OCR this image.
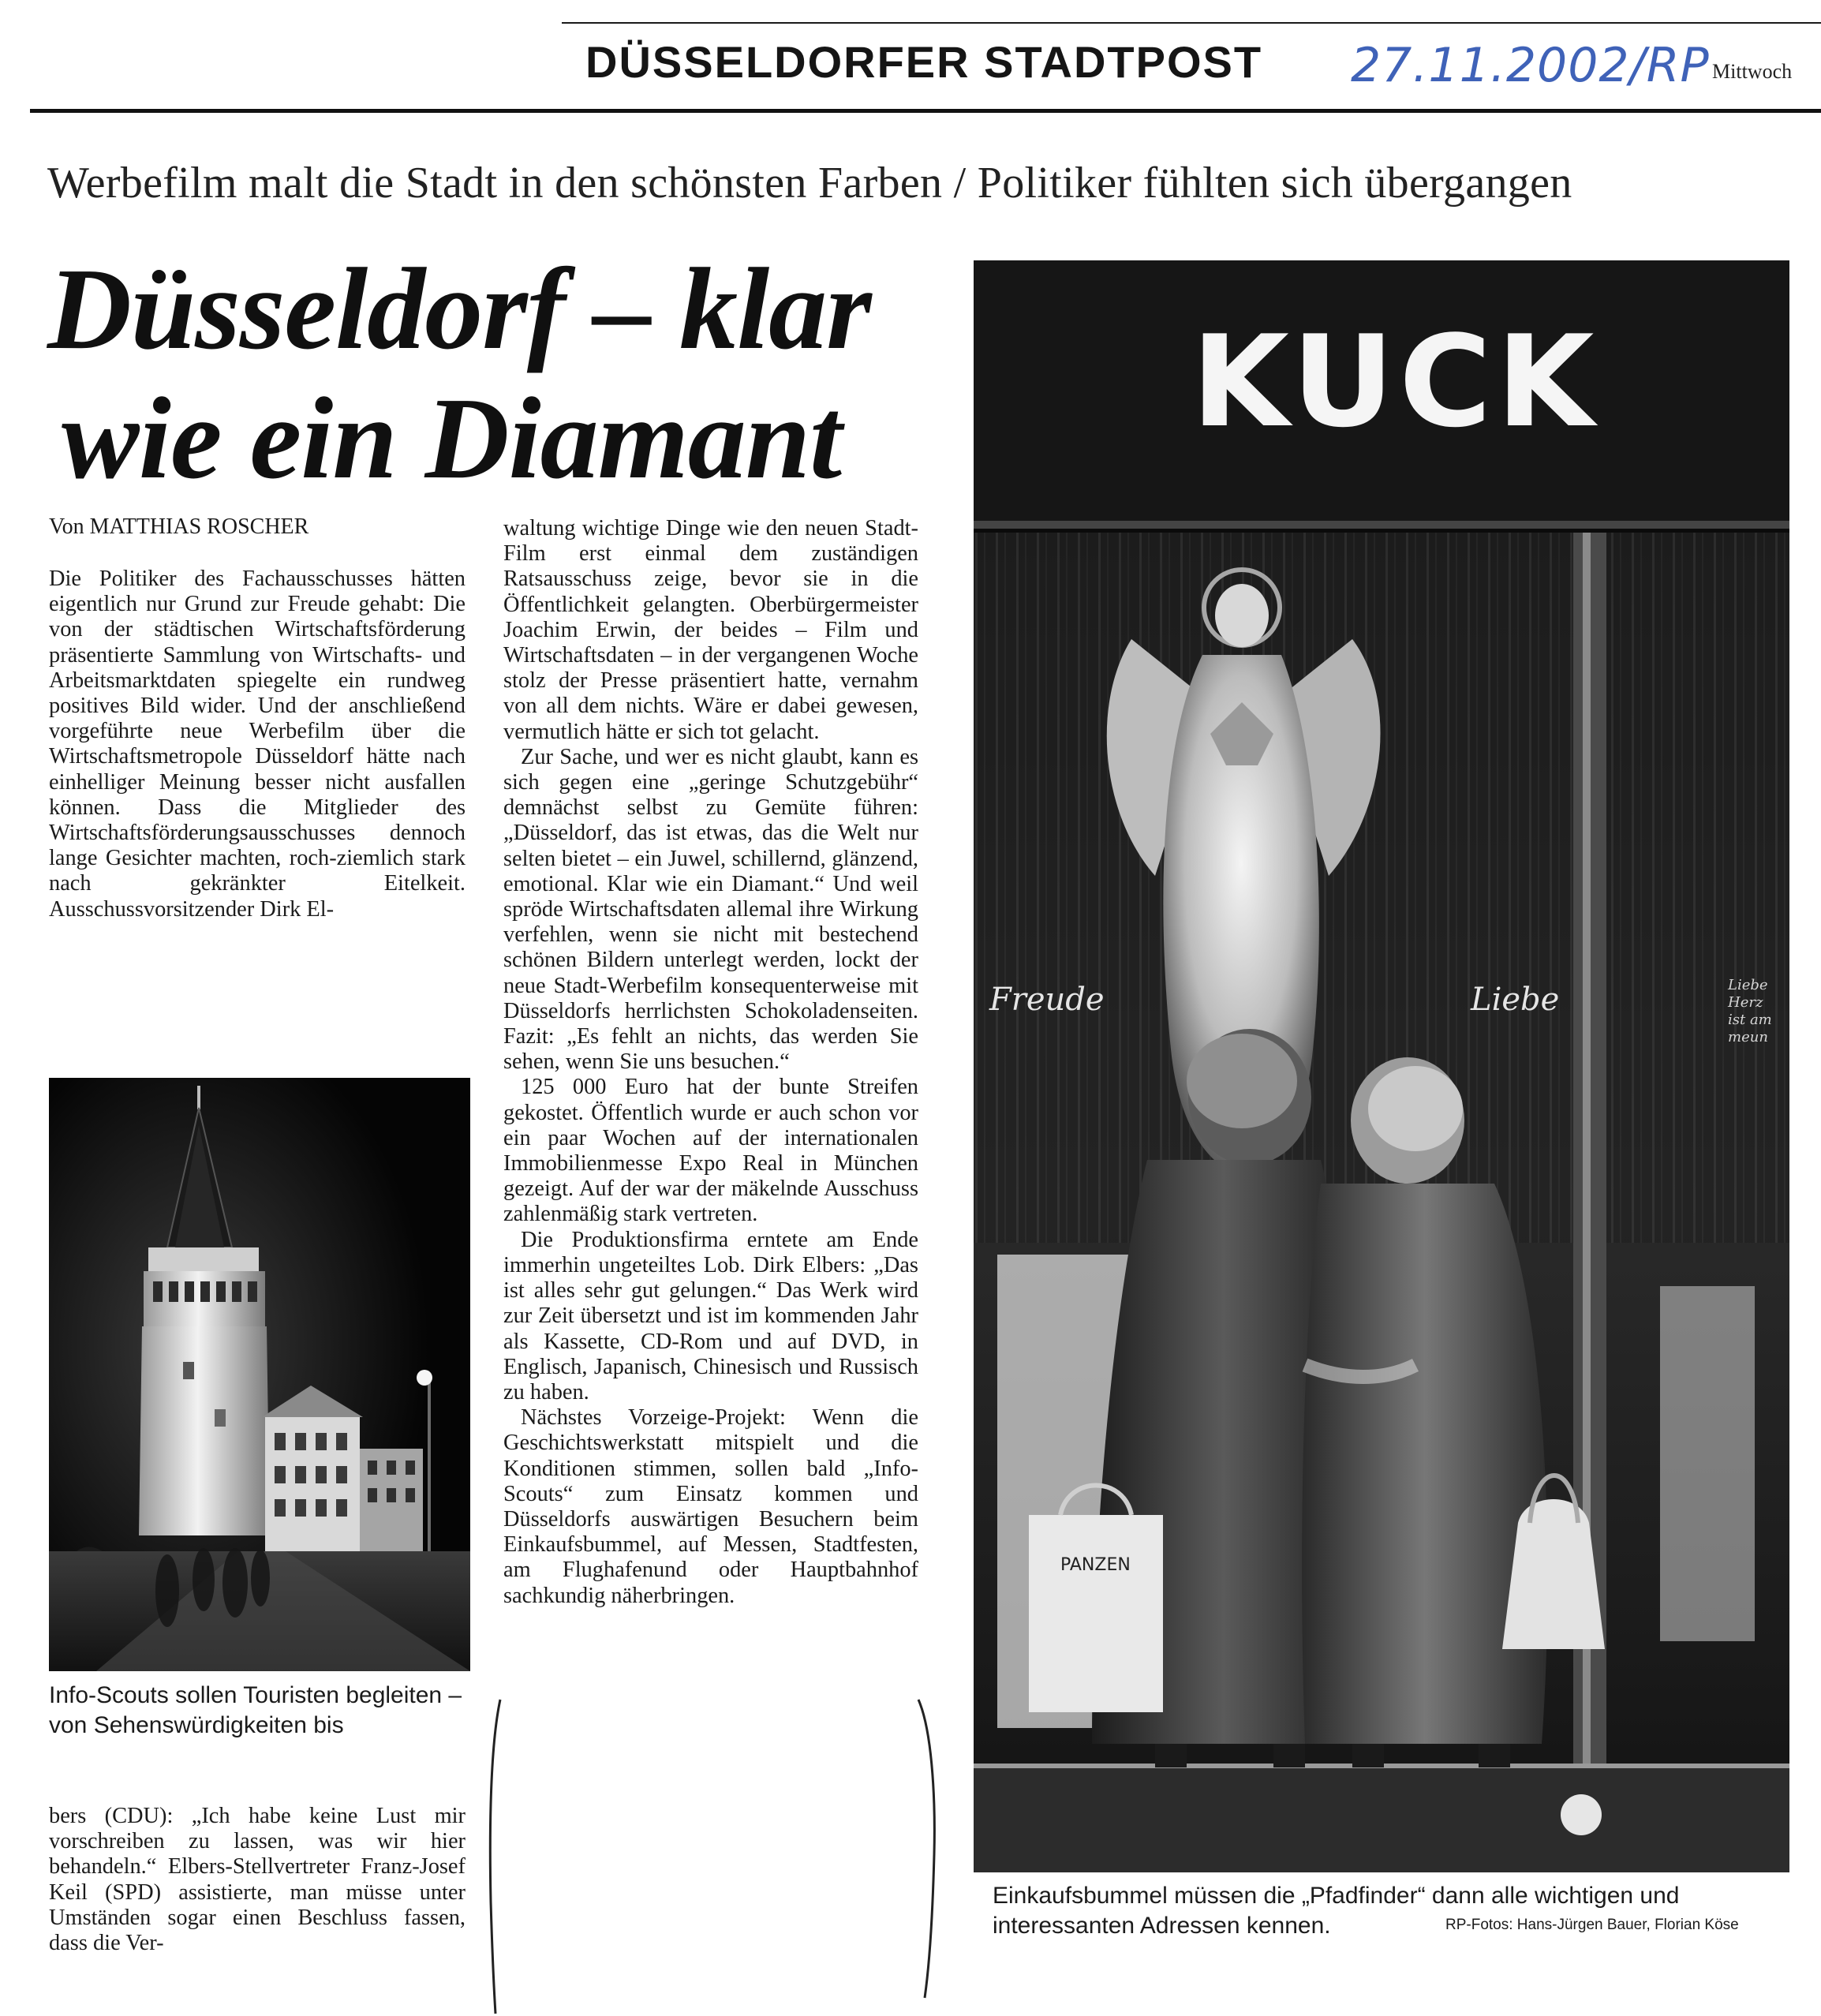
DÜSSELDORFER STADTPOST 27.11.2002/RP Mittwoch
Werbefilm malt die Stadt in den schönsten Farben / Politiker fühlten sich übergangen
Düsseldorf – klar
wie ein Diamant
Von MATTHIAS ROSCHER

Die Politiker des Fachausschusses hätten eigentlich nur Grund zur Freude gehabt: Die von der städtischen Wirtschaftsförderung präsentierte Sammlung von Wirtschafts- und Arbeitsmarktdaten spiegelte ein rundweg positives Bild wider. Und der anschließend vorgeführte neue Werbefilm über die Wirtschaftsmetropole Düsseldorf hätte nach einhelliger Meinung besser nicht ausfallen können. Dass die Mitglieder des Wirtschaftsförderungsausschusses dennoch lange Gesichter machten, roch-ziemlich stark nach gekränkter Eitelkeit. Ausschussvorsitzender Dirk El-

bers (CDU): „Ich habe keine Lust mir vorschreiben zu lassen, was wir hier behandeln.“ Elbers-Stellvertreter Franz-Josef Keil (SPD) assistierte, man müsse unter Umständen sogar einen Beschluss fassen, dass die Ver-

waltung wichtige Dinge wie den neuen Stadt-Film erst einmal dem zuständigen Ratsausschuss zeige, bevor sie in die Öffentlichkeit gelangten. Oberbürgermeister Joachim Erwin, der beides – Film und Wirtschaftsdaten – in der vergangenen Woche stolz der Presse präsentiert hatte, vernahm von all dem nichts. Wäre er dabei gewesen, vermutlich hätte er sich tot gelacht.

Zur Sache, und wer es nicht glaubt, kann es sich gegen eine „geringe Schutzgebühr“ demnächst selbst zu Gemüte führen: „Düsseldorf, das ist etwas, das die Welt nur selten bietet – ein Juwel, schillernd, glänzend, emotional. Klar wie ein Diamant.“ Und weil spröde Wirtschaftsdaten allemal ihre Wirkung verfehlen, wenn sie nicht mit bestechend schönen Bildern unterlegt werden, lockt der neue Stadt-Werbefilm konsequenterweise mit Düsseldorfs herrlichsten Schokoladenseiten. Fazit: „Es fehlt an nichts, das werden Sie sehen, wenn Sie uns besuchen.“

125 000 Euro hat der bunte Streifen gekostet. Öffentlich wurde er auch schon vor ein paar Wochen auf der internationalen Immobilienmesse Expo Real in München gezeigt. Auf der war der mäkelnde Ausschuss zahlenmäßig stark vertreten.

Die Produktionsfirma erntete am Ende immerhin ungeteiltes Lob. Dirk Elbers: „Das ist alles sehr gut gelungen.“ Das Werk wird zur Zeit übersetzt und ist im kommenden Jahr als Kassette, CD-Rom und auf DVD, in Englisch, Japanisch, Chinesisch und Russisch zu haben.

Nächstes Vorzeige-Projekt: Wenn die Geschichtswerkstatt mitspielt und die Konditionen stimmen, sollen bald „Info-Scouts“ zum Einsatz kommen und Düsseldorfs auswärtigen Besuchern beim Einkaufsbummel, auf Messen, Stadtfesten, am Flughafenund oder Hauptbahnhof sachkundig näherbringen.

Info-Scouts sollen Touristen begleiten – von Sehenswürdigkeiten bis
Freude	Liebe
PANZEN
KUCK
Liebe Herz ist am meun
Einkaufsbummel müssen die „Pfadfinder“ dann alle wichtigen und interessanten Adressen kennen.	RP-Fotos: Hans-Jürgen Bauer, Florian Köse
